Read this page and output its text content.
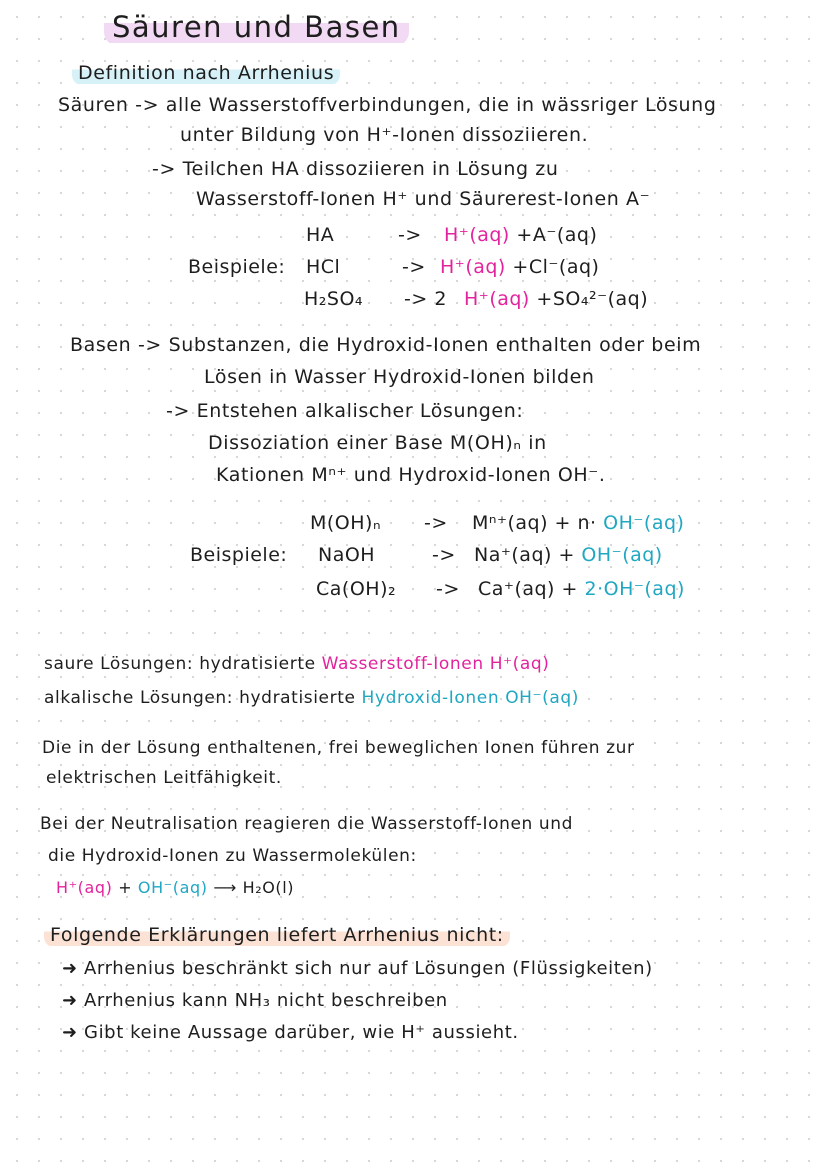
Säuren und Basen
Definition nach Arrhenius
Säuren -> alle Wasserstoffverbindungen, die in wässriger Lösung
unter Bildung von H⁺-Ionen dissoziieren.
-> Teilchen HA dissoziieren in Lösung zu
Wasserstoff-Ionen H⁺ und Säurerest-Ionen A⁻
Beispiele:
HA	-> H⁺(aq) +A⁻(aq)
HCl	-> H⁺(aq) +Cl⁻(aq)
H₂SO₄ -> 2 H⁺(aq) +SO₄²⁻(aq)
Basen -> Substanzen, die Hydroxid-Ionen enthalten oder beim
Lösen in Wasser Hydroxid-Ionen bilden
-> Entstehen alkalischer Lösungen:
Dissoziation einer Base M(OH)ₙ in
Kationen Mⁿ⁺ und Hydroxid-Ionen OH⁻.
Beispiele:
M(OH)ₙ -> Mⁿ⁺(aq) + n· OH⁻(aq)
NaOH	-> Na⁺(aq) + OH⁻(aq)
Ca(OH)₂ -> Ca⁺(aq) + 2·OH⁻(aq)
saure Lösungen: hydratisierte Wasserstoff-Ionen H⁺(aq)
alkalische Lösungen: hydratisierte Hydroxid-Ionen OH⁻(aq)
Die in der Lösung enthaltenen, frei beweglichen Ionen führen zur
elektrischen Leitfähigkeit.
Bei der Neutralisation reagieren die Wasserstoff-Ionen und
die Hydroxid-Ionen zu Wassermolekülen:
H⁺(aq) + OH⁻(aq) ⟶ H₂O(l)
Folgende Erklärungen liefert Arrhenius nicht:
➜ Arrhenius beschränkt sich nur auf Lösungen (Flüssigkeiten)
➜ Arrhenius kann NH₃ nicht beschreiben
➜ Gibt keine Aussage darüber, wie H⁺ aussieht.
